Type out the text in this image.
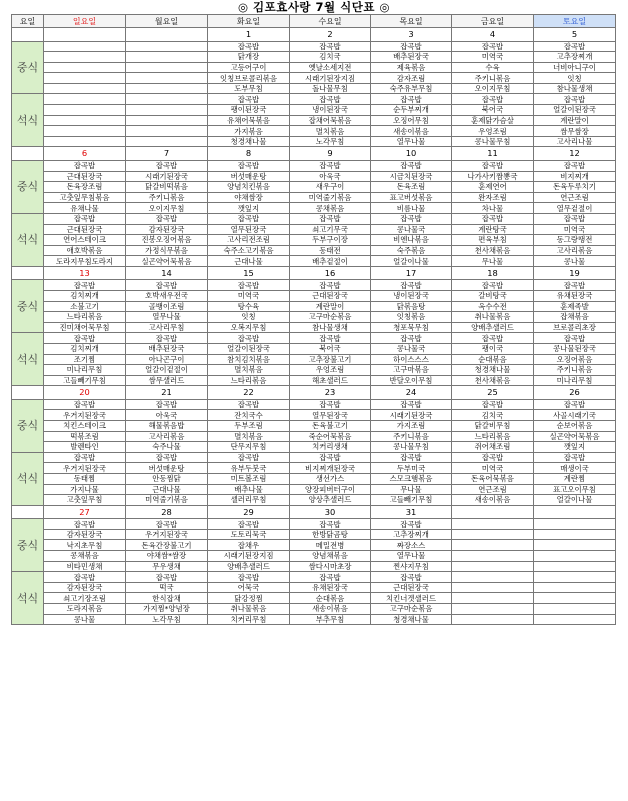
◎ 김포효사랑 7월 식단표 ◎
요일	일요일	월요일	화요일	수요일	목요일	금요일	토요일
			1	2	3	4	5
중식			잡곡밥	잡곡밥	잡곡밥	잡곡밥	잡곡밥
			닭개장	김치국	배추된장국	미역국	고추장찌개
			고등어구이	옛날소세지전	제육볶음	수육	너비아니구이
			잇칭브로콜리볶음	시래기된장지짐	감자조림	주키니볶음	잇칭
			도부무침	돌나물무침	숙주유부무침	오이지무침	참나물생채
석식			잡곡밥	잡곡밥	잡곡밥	잡곡밥	잡곡밥
			팽이된장국	냉이된장국	순두부찌개	북어국	얼갈이된장국
			유채어묵볶음	잡채어묵볶음	오징어무침	훈제닭가슴살	계란말이
			가지볶음	멸치볶음	새송이볶음	우엉조림	쌈무쌈장
			청경채나물	노각무침	열무나물	콩나물무침	고사리나물
	6	7	8	9	10	11	12
중식	잡곡밥	잡곡밥	잡곡밥	잡곡밥	잡곡밥	잡곡밥	잡곡밥
	근대된장국	시래기된장국	버섯매운탕	아욱국	시금치된장국	나가사키짬뽕국	비지찌개
	돈육장조림	닭갈비떡볶음	양념치킨볶음	새우구이	돈육조림	훈제연어	돈육두루치기
	고춧잎무침볶음	주키니볶음	야채쌈장	미역줄기볶음	표고버섯볶음	완자조림	연근조림
	유채나물	오이지무침	깻잎지	콩채볶음	비름나물	차나물	열무겉절이
석식	잡곡밥	잡곡밥	잡곡밥	잡곡밥	잡곡밥	잡곡밥	잡곡밥
	근대된장국	감자된장국	열무된장국	쇠고기무국	콩나물국	계란탕국	미역국
	연어스테이크	진봉오징어볶음	고사리전조림	두부구이장	비엔나볶음	편육부침	동그랑땡전
	애호박볶음	가정식무볶음	숙주소고기볶음	동태전	숙주볶음	천사채볶음	고사리볶음
	도라지무침도라지	실곤약어묵볶음	근대나물	배추겉절이	얼갈이나물	무나물	콩나물
	13	14	15	16	17	18	19
중식	잡곡밥	잡곡밥	잡곡밥	잡곡밥	잡곡밥	잡곡밥	잡곡밥
	김치찌개	호박새우전국	미역국	근대된장국	냉이된장국	갈비탕국	유채된장국
	소불고기	골뱅이조림	탕수육	계란말이	닭볶음탕	옥수수전	훈제족발
	느타리볶음	열무나물	잇칭	고구마순볶음	잇칭볶음	취나물볶음	잡채볶음
	진미채어묵무침	고사리무침	오복지무침	참나물생채	청포묵무침	양배추샐러드	브로콜리초장
석식	잡곡밥	잡곡밥	잡곡밥	잡곡밥	잡곡밥	잡곡밥	잡곡밥
	김치찌개	배추된장국	얼갈이된장국	북어국	콩나물국	팽이국	콩나물된장국
	조기찜	아나곤구이	참치김치볶음	고추장불고기	하이스스스	순대볶음	오징어볶음
	미나리무침	얼갈이겉절이	멸치볶음	우엉조림	고구마볶음	청경채나물	주키니볶음
	고들빼기무침	쌈무샐러드	느타리볶음	해초샐러드	반달오이무침	천사채볶음	미나리무침
	20	21	22	23	24	25	26
중식	잡곡밥	잡곡밥	잡곡밥	잡곡밥	잡곡밥	잡곡밥	잡곡밥
	우거지된장국	아욱국	잔치국수	열무된장국	시래기된장국	김치국	사골시래기국
	치킨스테이크	해물볶음밥	두부조림	돈육불고기	가지조림	닭갈비무침	순보어볶음
	떡볶조림	고사리볶음	멸치볶음	죽순어묵볶음	주키니볶음	느타리볶음	실곤약어묵볶음
	발렌타인	숙주나물	단무지무침	치커리생채	콩나물무침	쥐어채조림	깻잎지
석식	잡곡밥	잡곡밥	잡곡밥	잡곡밥	잡곡밥	잡곡밥	잡곡밥
	우거지된장국	버섯매운탕	유부두붓국	비지찌개된장국	두부미국	미역국	매생이국
	동태찜	안동찜닭	미트볼조림	생선가스	스모크햄볶음	돈육어묵볶음	계란찜
	가지나물	근대나물	배추나물	양장피버터구이	무나물	연근조림	표고오이무침
	고춧잎무침	미역줄기볶음	셀러리무침	양상추샐러드	고들빼기무침	새송이볶음	얼갈이나물
	27	28	29	30	31		
중식	잡곡밥	잡곡밥	잡곡밥	잡곡밥	잡곡밥		
	감자된장국	우거지된장국	도토리묵국	한방닭곰탕	고추장찌개		
	낙지초무침	돈육간장불고기	잡채우	메밀전병	짜장소스		
	콩채볶음	야채쌈*쌈장	시래기된장지짐	양념채볶음	열무나물		
	비타민생채	무우생채	양배추샐러드	쌈다시마초장	찐샤지무침		
석식	잡곡밥	잡곡밥	잡곡밥	잡곡밥	잡곡밥		
	감자된장국	떡국	어묵국	유채된장국	근대된장국		
	쇠고기장조림	한식잡채	닭강정찜	순대볶음	치킨너겟샐러드		
	도라지볶음	가지찜*양념장	취나물볶음	새송이볶음	고구마순볶음		
	콩나물	노각무침	치커리무침	부추무침	청경채나물		
